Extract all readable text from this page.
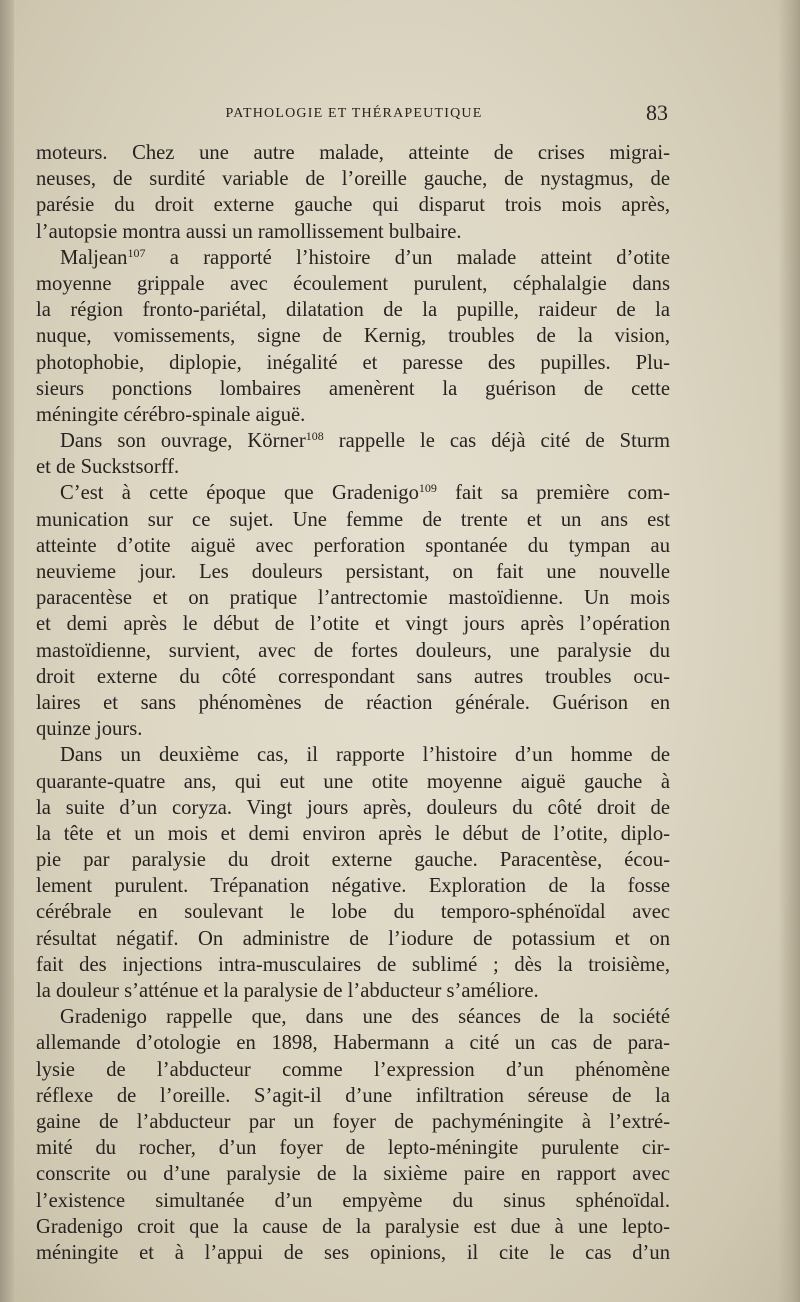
PATHOLOGIE ET THÉRAPEUTIQUE	83
moteurs. Chez une autre malade, atteinte de crises migrai-
neuses, de surdité variable de l’oreille gauche, de nystagmus, de
parésie du droit externe gauche qui disparut trois mois après,
l’autopsie montra aussi un ramollissement bulbaire.
Maljean$^{107}$ a rapporté l’histoire d’un malade atteint d’otite
moyenne grippale avec écoulement purulent, céphalalgie dans
la région fronto-pariétal, dilatation de la pupille, raideur de la
nuque, vomissements, signe de Kernig, troubles de la vision,
photophobie, diplopie, inégalité et paresse des pupilles. Plu-
sieurs ponctions lombaires amenèrent la guérison de cette
méningite cérébro-spinale aiguë.
Dans son ouvrage, Körner$^{108}$ rappelle le cas déjà cité de Sturm
et de Suckstsorff.
C’est à cette époque que Gradenigo$^{109}$ fait sa première com-
munication sur ce sujet. Une femme de trente et un ans est
atteinte d’otite aiguë avec perforation spontanée du tympan au
neuvieme jour. Les douleurs persistant, on fait une nouvelle
paracentèse et on pratique l’antrectomie mastoïdienne. Un mois
et demi après le début de l’otite et vingt jours après l’opération
mastoïdienne, survient, avec de fortes douleurs, une paralysie du
droit externe du côté correspondant sans autres troubles ocu-
laires et sans phénomènes de réaction générale. Guérison en
quinze jours.
Dans un deuxième cas, il rapporte l’histoire d’un homme de
quarante-quatre ans, qui eut une otite moyenne aiguë gauche à
la suite d’un coryza. Vingt jours après, douleurs du côté droit de
la tête et un mois et demi environ après le début de l’otite, diplo-
pie par paralysie du droit externe gauche. Paracentèse, écou-
lement purulent. Trépanation négative. Exploration de la fosse
cérébrale en soulevant le lobe du temporo-sphénoïdal avec
résultat négatif. On administre de l’iodure de potassium et on
fait des injections intra-musculaires de sublimé ; dès la troisième,
la douleur s’atténue et la paralysie de l’abducteur s’améliore.
Gradenigo rappelle que, dans une des séances de la société
allemande d’otologie en 1898, Habermann a cité un cas de para-
lysie de l’abducteur comme l’expression d’un phénomène
réflexe de l’oreille. S’agit-il d’une infiltration séreuse de la
gaine de l’abducteur par un foyer de pachyméningite à l’extré-
mité du rocher, d’un foyer de lepto-méningite purulente cir-
conscrite ou d’une paralysie de la sixième paire en rapport avec
l’existence simultanée d’un empyème du sinus sphénoïdal.
Gradenigo croit que la cause de la paralysie est due à une lepto-
méningite et à l’appui de ses opinions, il cite le cas d’un
